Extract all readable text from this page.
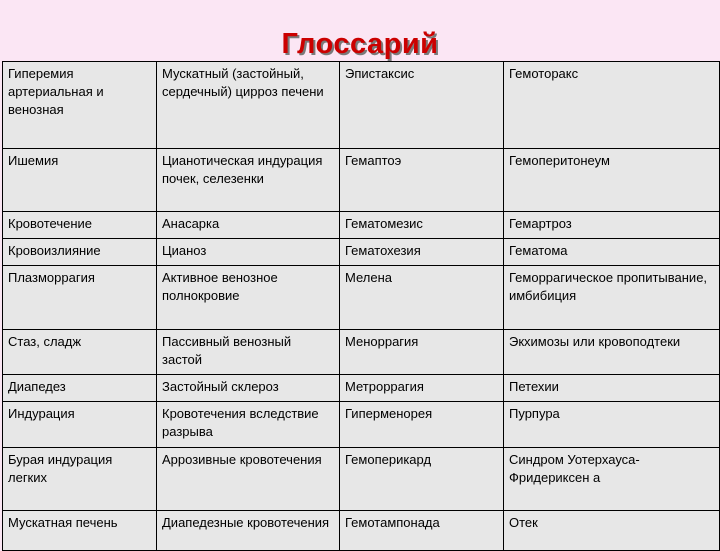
Глоссарий
Гиперемия артериальная и венозная	Мускатный (застойный, сердечный) цирроз печени	Эпистаксис	Гемоторакс
Ишемия	Цианотическая индурация почек, селезенки	Гемаптоэ	Гемоперитонеум
Кровотечение	Анасарка	Гематомезис	Гемартроз
Кровоизлияние	Цианоз	Гематохезия	Гематома
Плазморрагия	Активное венозное полнокровие	Мелена	Геморрагическое пропитывание, имбибиция
Стаз, сладж	Пассивный венозный застой	Меноррагия	Экхимозы или кровоподтеки
Диапедез	Застойный склероз	Метроррагия	Петехии
Индурация	Кровотечения вследствие разрыва	Гиперменорея	Пурпура
Бурая индурация легких	Аррозивные кровотечения	Гемоперикард	Синдром Уотерхауса-Фридериксен а
Мускатная печень	Диапедезные кровотечения	Гемотампонада	Отек
